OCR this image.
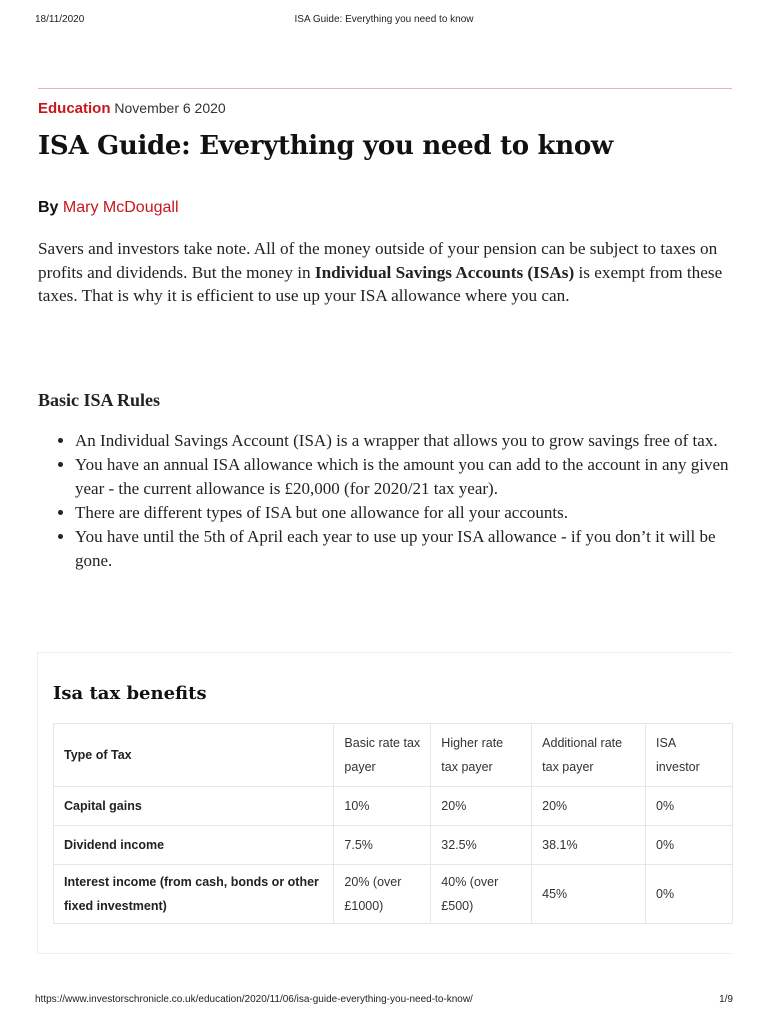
18/11/2020	ISA Guide: Everything you need to know
Education November 6 2020
ISA Guide: Everything you need to know
By Mary McDougall

Savers and investors take note. All of the money outside of your pension can be subject to taxes on profits and dividends. But the money in Individual Savings Accounts (ISAs) is exempt from these taxes. That is why it is efficient to use up your ISA allowance where you can.

Basic ISA Rules
• An Individual Savings Account (ISA) is a wrapper that allows you to grow savings free of tax.
• You have an annual ISA allowance which is the amount you can add to the account in any given year - the current allowance is £20,000 (for 2020/21 tax year).
• There are different types of ISA but one allowance for all your accounts.
• You have until the 5th of April each year to use up your ISA allowance - if you don’t it will be gone.
Isa tax benefits
Type of Tax	Basic rate tax payer	Higher rate tax payer	Additional rate tax payer	ISA investor
Capital gains	10%	20%	20%	0%
Dividend income	7.5%	32.5%	38.1%	0%
Interest income (from cash, bonds or other fixed investment)	20% (over £1000)	40% (over £500)	45%	0%
https://www.investorschronicle.co.uk/education/2020/11/06/isa-guide-everything-you-need-to-know/	1/9
